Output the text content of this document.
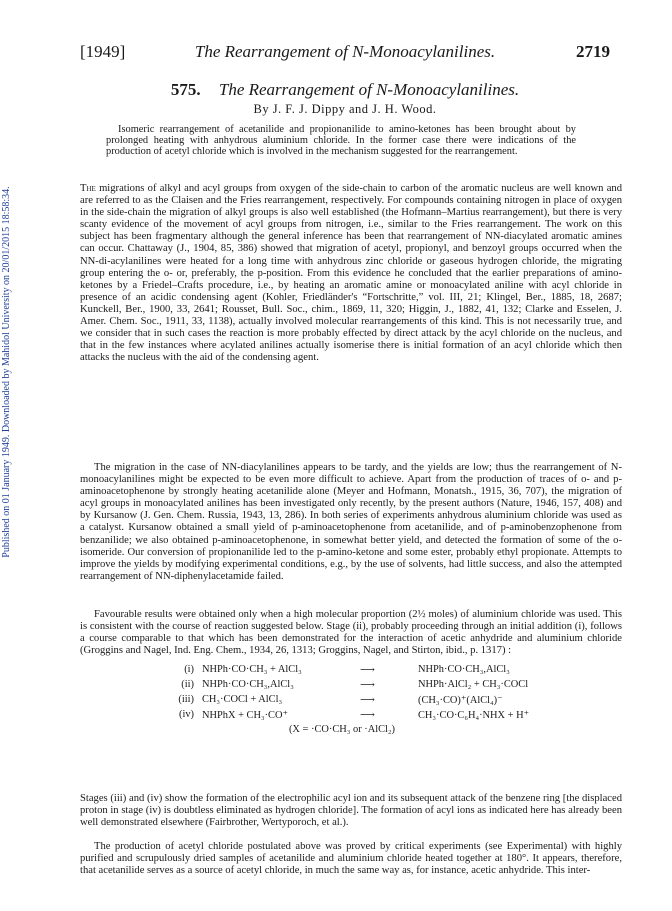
[1949]	The Rearrangement of N-Monoacylanilines.	2719
575. The Rearrangement of N-Monoacylanilines.
By J. F. J. Dippy and J. H. Wood.

Isomeric rearrangement of acetanilide and propionanilide to amino-ketones has been brought about by prolonged heating with anhydrous aluminium chloride. In the former case there were indications of the production of acetyl chloride which is involved in the mechanism suggested for the rearrangement.

Published on 01 January 1949. Downloaded by Mahidol University on 20/01/2015 18:58:34.	The migrations of alkyl and acyl groups from oxygen of the side-chain to carbon of the aromatic nucleus are well known and are referred to as the Claisen and the Fries rearrangement, respectively. For compounds containing nitrogen in place of oxygen in the side-chain the migration of alkyl groups is also well established (the Hofmann–Martius rearrangement), but there is very scanty evidence of the movement of acyl groups from nitrogen, i.e., similar to the Fries rearrangement. The work on this subject has been fragmentary although the general inference has been that rearrangement of NN-diacylated aromatic amines can occur. Chattaway (J., 1904, 85, 386) showed that migration of acetyl, propionyl, and benzoyl groups occurred when the NN-di-acylanilines were heated for a long time with anhydrous zinc chloride or gaseous hydrogen chloride, the migrating group entering the o- or, preferably, the p-position. From this evidence he concluded that the earlier preparations of amino-ketones by a Friedel–Crafts procedure, i.e., by heating an aromatic amine or monoacylated aniline with acyl chloride in presence of an acidic condensing agent (Kohler, Friedländer's “Fortschritte,” vol. III, 21; Klingel, Ber., 1885, 18, 2687; Kunckell, Ber., 1900, 33, 2641; Rousset, Bull. Soc., chim., 1869, 11, 320; Higgin, J., 1882, 41, 132; Clarke and Esselen, J. Amer. Chem. Soc., 1911, 33, 1138), actually involved molecular rearrangements of this kind. This is not necessarily true, and we consider that in such cases the reaction is more probably effected by direct attack by the acyl chloride on the nucleus, and that in the few instances where acylated anilines actually isomerise there is initial formation of an acyl chloride which then attacks the nucleus with the aid of the condensing agent.

The migration in the case of NN-diacylanilines appears to be tardy, and the yields are low; thus the rearrangement of N-monoacylanilines might be expected to be even more difficult to achieve. Apart from the production of traces of o- and p-aminoacetophenone by strongly heating acetanilide alone (Meyer and Hofmann, Monatsh., 1915, 36, 707), the migration of acyl groups in monoacylated anilines has been investigated only recently, by the present authors (Nature, 1946, 157, 408) and by Kursanow (J. Gen. Chem. Russia, 1943, 13, 286). In both series of experiments anhydrous aluminium chloride was used as a catalyst. Kursanow obtained a small yield of p-aminoacetophenone from acetanilide, and of p-aminobenzophenone from benzanilide; we also obtained p-aminoacetophenone, in somewhat better yield, and detected the formation of some of the o-isomeride. Our conversion of propionanilide led to the p-amino-ketone and some ester, probably ethyl propionate. Attempts to improve the yields by modifying experimental conditions, e.g., by the use of solvents, had little success, and also the attempted rearrangement of NN-diphenylacetamide failed.

Favourable results were obtained only when a high molecular proportion (2½ moles) of aluminium chloride was used. This is consistent with the course of reaction suggested below. Stage (ii), probably proceeding through an initial addition (i), follows a course comparable to that which has been demonstrated for the interaction of acetic anhydride and aluminium chloride (Groggins and Nagel, Ind. Eng. Chem., 1934, 26, 1313; Groggins, Nagel, and Stirton, ibid., p. 1317) :

(i) NHPh·CO·CH₃ + AlCl₃	⟶	NHPh·CO·CH₃,AlCl₃
(ii) NHPh·CO·CH₃,AlCl₃	⟶	NHPh·AlCl₂ + CH₃·COCl
(iii) CH₃·COCl + AlCl₃	⟶	(CH₃·CO)⁺(AlCl₄)⁻
(iv) NHPhX + CH₃·CO⁺	⟶	CH₃·CO·C₆H₄·NHX + H⁺
(X = ·CO·CH₃ or ·AlCl₂)

Stages (iii) and (iv) show the formation of the electrophilic acyl ion and its subsequent attack of the benzene ring [the displaced proton in stage (iv) is doubtless eliminated as hydrogen chloride]. The formation of acyl ions as indicated here has already been well demonstrated elsewhere (Fairbrother, Wertyporoch, et al.).

The production of acetyl chloride postulated above was proved by critical experiments (see Experimental) with highly purified and scrupulously dried samples of acetanilide and aluminium chloride heated together at 180°. It appears, therefore, that acetanilide serves as a source of acetyl chloride, in much the same way as, for instance, acetic anhydride. This inter-
